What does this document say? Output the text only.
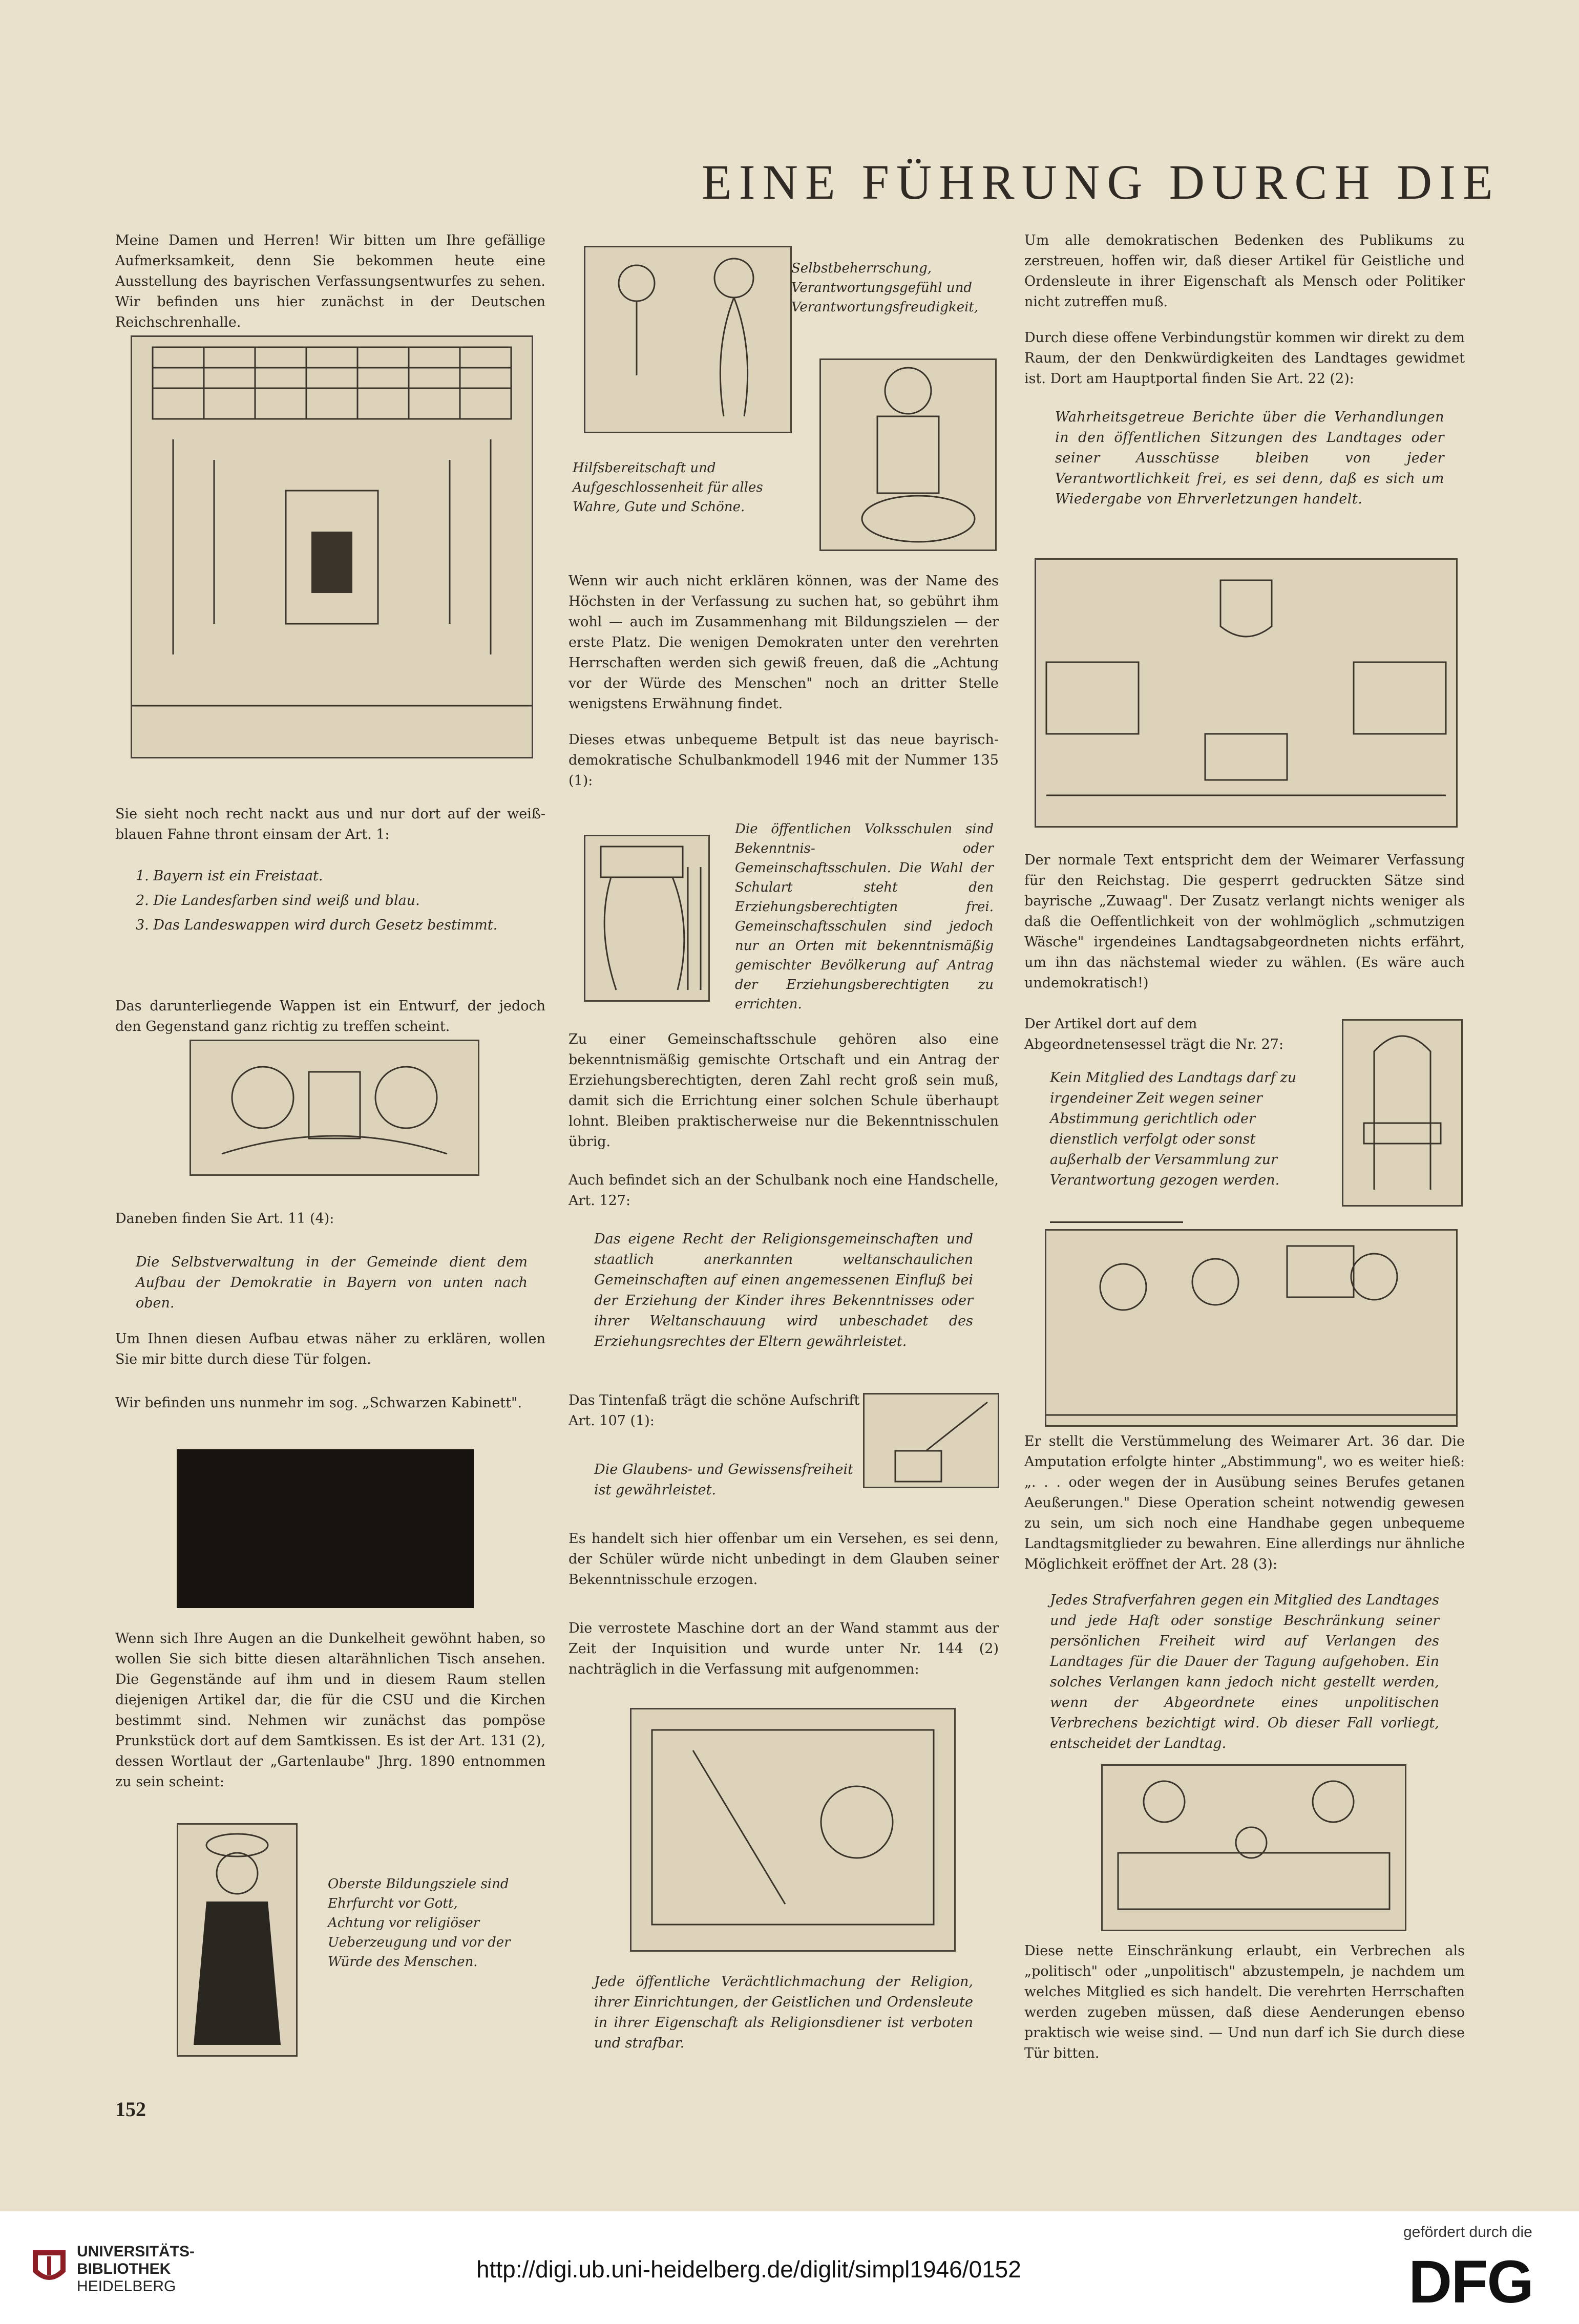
EINE FÜHRUNG DURCH DIE

Meine Damen und Herren! Wir bitten um Ihre gefällige Aufmerksamkeit, denn Sie bekommen heute eine Ausstellung des bayrischen Verfassungsentwurfes zu sehen. Wir befinden uns hier zunächst in der Deutschen Reichschrenhalle.

Sie sieht noch recht nackt aus und nur dort auf der weiß-blauen Fahne thront einsam der Art. 1:

1. Bayern ist ein Freistaat.
2. Die Landesfarben sind weiß und blau.
3. Das Landeswappen wird durch Gesetz bestimmt.

Das darunterliegende Wappen ist ein Entwurf, der jedoch den Gegenstand ganz richtig zu treffen scheint.

Daneben finden Sie Art. 11 (4):

Die Selbstverwaltung in der Gemeinde dient dem Aufbau der Demokratie in Bayern von unten nach oben.

Um Ihnen diesen Aufbau etwas näher zu erklären, wollen Sie mir bitte durch diese Tür folgen.

Wir befinden uns nunmehr im sog. „Schwarzen Kabinett".

Wenn sich Ihre Augen an die Dunkelheit gewöhnt haben, so wollen Sie sich bitte diesen altarähnlichen Tisch ansehen. Die Gegenstände auf ihm und in diesem Raum stellen diejenigen Artikel dar, die für die CSU und die Kirchen bestimmt sind. Nehmen wir zunächst das pompöse Prunkstück dort auf dem Samtkissen. Es ist der Art. 131 (2), dessen Wortlaut der „Gartenlaube" Jhrg. 1890 entnommen zu sein scheint:

Oberste Bildungsziele sind Ehrfurcht vor Gott, Achtung vor religiöser Ueberzeugung und vor der Würde des Menschen.

Selbstbeherrschung, Verantwortungsgefühl und Verantwortungsfreudigkeit,

Hilfsbereitschaft und Aufgeschlossenheit für alles Wahre, Gute und Schöne.

Wenn wir auch nicht erklären können, was der Name des Höchsten in der Verfassung zu suchen hat, so gebührt ihm wohl — auch im Zusammenhang mit Bildungszielen — der erste Platz. Die wenigen Demokraten unter den verehrten Herrschaften werden sich gewiß freuen, daß die „Achtung vor der Würde des Menschen" noch an dritter Stelle wenigstens Erwähnung findet.

Dieses etwas unbequeme Betpult ist das neue bayrisch-demokratische Schulbankmodell 1946 mit der Nummer 135 (1):

Die öffentlichen Volksschulen sind Bekenntnis- oder Gemeinschaftsschulen. Die Wahl der Schulart steht den Erziehungsberechtigten frei. Gemeinschaftsschulen sind jedoch nur an Orten mit bekenntnismäßig gemischter Bevölkerung auf Antrag der Erziehungsberechtigten zu errichten.

Zu einer Gemeinschaftsschule gehören also eine bekenntnismäßig gemischte Ortschaft und ein Antrag der Erziehungsberechtigten, deren Zahl recht groß sein muß, damit sich die Errichtung einer solchen Schule überhaupt lohnt. Bleiben praktischerweise nur die Bekenntnisschulen übrig.

Auch befindet sich an der Schulbank noch eine Handschelle, Art. 127:

Das eigene Recht der Religionsgemeinschaften und staatlich anerkannten weltanschaulichen Gemeinschaften auf einen angemessenen Einfluß bei der Erziehung der Kinder ihres Bekenntnisses oder ihrer Weltanschauung wird unbeschadet des Erziehungsrechtes der Eltern gewährleistet.

Das Tintenfaß trägt die schöne Aufschrift Art. 107 (1):

Die Glaubens- und Gewissensfreiheit ist gewährleistet.

Es handelt sich hier offenbar um ein Versehen, es sei denn, der Schüler würde nicht unbedingt in dem Glauben seiner Bekenntnisschule erzogen.

Die verrostete Maschine dort an der Wand stammt aus der Zeit der Inquisition und wurde unter Nr. 144 (2) nachträglich in die Verfassung mit aufgenommen:

Jede öffentliche Verächtlichmachung der Religion, ihrer Einrichtungen, der Geistlichen und Ordensleute in ihrer Eigenschaft als Religionsdiener ist verboten und strafbar.

Um alle demokratischen Bedenken des Publikums zu zerstreuen, hoffen wir, daß dieser Artikel für Geistliche und Ordensleute in ihrer Eigenschaft als Mensch oder Politiker nicht zutreffen muß.

Durch diese offene Verbindungstür kommen wir direkt zu dem Raum, der den Denkwürdigkeiten des Landtages gewidmet ist. Dort am Hauptportal finden Sie Art. 22 (2):

Wahrheitsgetreue Berichte über die Verhandlungen in den öffentlichen Sitzungen des Landtages oder seiner Ausschüsse bleiben von jeder Verantwortlichkeit frei, es sei denn, daß es sich um Wiedergabe von Ehrverletzungen handelt.

Der normale Text entspricht dem der Weimarer Verfassung für den Reichstag. Die gesperrt gedruckten Sätze sind bayrische „Zuwaag". Der Zusatz verlangt nichts weniger als daß die Oeffentlichkeit von der wohlmöglich „schmutzigen Wäsche" irgendeines Landtagsabgeordneten nichts erfährt, um ihn das nächstemal wieder zu wählen. (Es wäre auch undemokratisch!)

Der Artikel dort auf dem Abgeordnetensessel trägt die Nr. 27:

Kein Mitglied des Landtags darf zu irgendeiner Zeit wegen seiner Abstimmung gerichtlich oder dienstlich verfolgt oder sonst außerhalb der Versammlung zur Verantwortung gezogen werden.

Er stellt die Verstümmelung des Weimarer Art. 36 dar. Die Amputation erfolgte hinter „Abstimmung", wo es weiter hieß: „. . . oder wegen der in Ausübung seines Berufes getanen Aeußerungen." Diese Operation scheint notwendig gewesen zu sein, um sich noch eine Handhabe gegen unbequeme Landtagsmitglieder zu bewahren. Eine allerdings nur ähnliche Möglichkeit eröffnet der Art. 28 (3):

Jedes Strafverfahren gegen ein Mitglied des Landtages und jede Haft oder sonstige Beschränkung seiner persönlichen Freiheit wird auf Verlangen des Landtages für die Dauer der Tagung aufgehoben. Ein solches Verlangen kann jedoch nicht gestellt werden, wenn der Abgeordnete eines unpolitischen Verbrechens bezichtigt wird. Ob dieser Fall vorliegt, entscheidet der Landtag.

Diese nette Einschränkung erlaubt, ein Verbrechen als „politisch" oder „unpolitisch" abzustempeln, je nachdem um welches Mitglied es sich handelt. Die verehrten Herrschaften werden zugeben müssen, daß diese Aenderungen ebenso praktisch wie weise sind. — Und nun darf ich Sie durch diese Tür bitten.

152
UNIVERSITÄTS-
BIBLIOTHEK
HEIDELBERG
http://digi.ub.uni-heidelberg.de/diglit/simpl1946/0152
gefördert durch die
DFG
